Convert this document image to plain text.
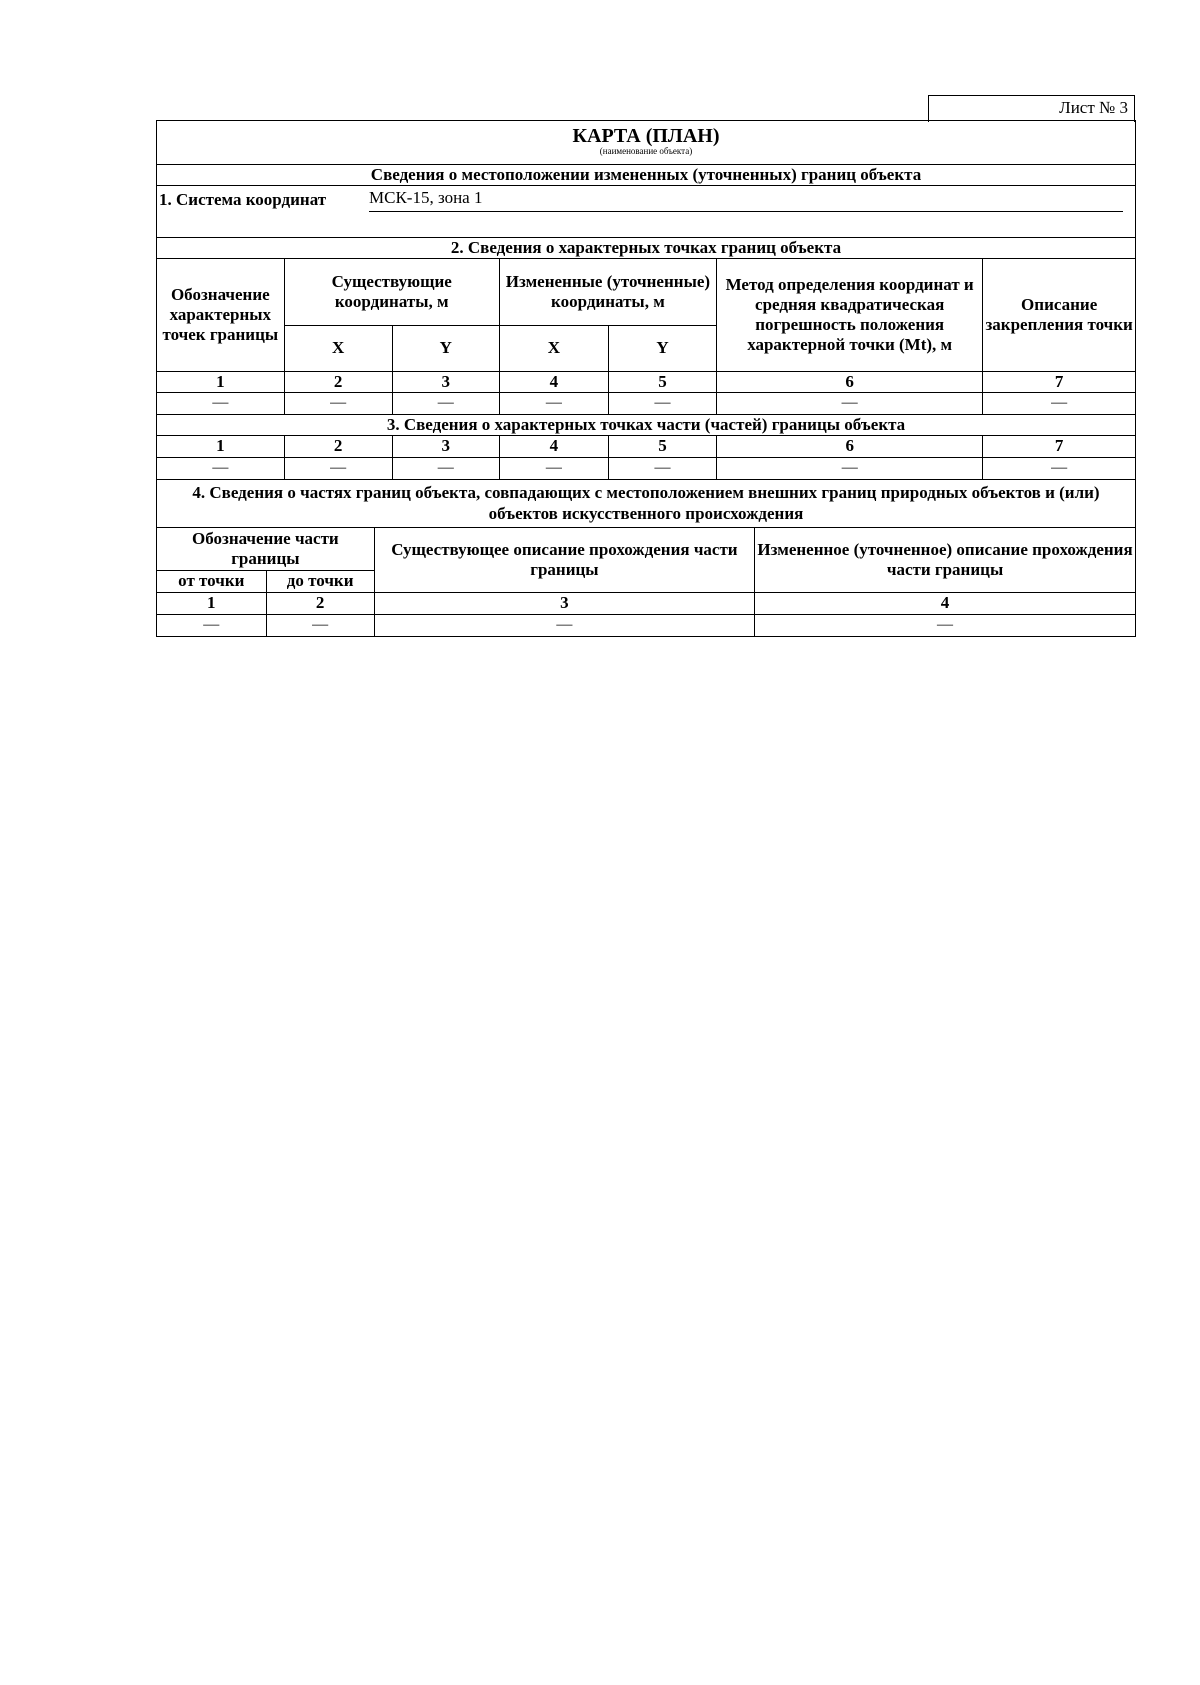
Лист № 3
КАРТА (ПЛАН)
(наименование объекта)
Сведения о местоположении измененных (уточненных) границ объекта
1. Система координат	МСК-15, зона 1
2. Сведения о характерных точках границ объекта
Обозначение характерных точек границы	Существующие координаты, м		Измененные (уточненные) координаты, м		Метод определения координат и средняя квадратическая погрешность положения характерной точки (Mt), м	Описание закрепления точки
	X	Y	X	Y		
1	2	3	4	5	6	7
—	—	—	—	—	—	—
3. Сведения о характерных точках части (частей) границы объекта
1	2	3	4	5	6	7
—	—	—	—	—	—	—
4. Сведения о частях границ объекта, совпадающих с местоположением внешних границ природных объектов и (или) объектов искусственного происхождения
Обозначение части границы		Существующее описание прохождения части границы	Измененное (уточненное) описание прохождения части границы
от точки	до точки		
1	2	3	4
—	—	—	—
